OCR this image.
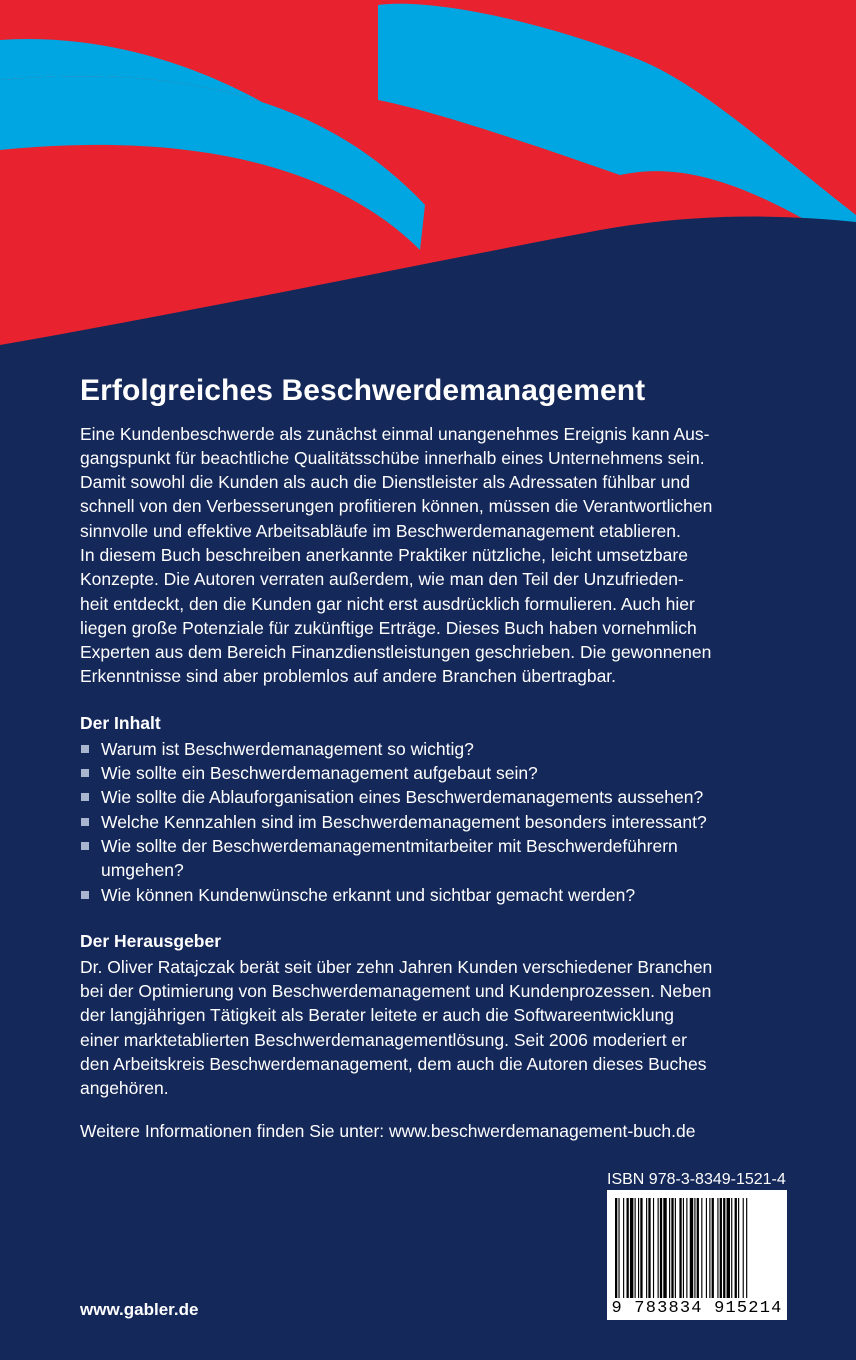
Erfolgreiches Beschwerdemanagement

Eine Kundenbeschwerde als zunächst einmal unangenehmes Ereignis kann Aus-
gangspunkt für beachtliche Qualitätsschübe innerhalb eines Unternehmens sein.
Damit sowohl die Kunden als auch die Dienstleister als Adressaten fühlbar und
schnell von den Verbesserungen profitieren können, müssen die Verantwortlichen
sinnvolle und effektive Arbeitsabläufe im Beschwerdemanagement etablieren.
In diesem Buch beschreiben anerkannte Praktiker nützliche, leicht umsetzbare
Konzepte. Die Autoren verraten außerdem, wie man den Teil der Unzufrieden-
heit entdeckt, den die Kunden gar nicht erst ausdrücklich formulieren. Auch hier
liegen große Potenziale für zukünftige Erträge. Dieses Buch haben vornehmlich
Experten aus dem Bereich Finanzdienstleistungen geschrieben. Die gewonnenen
Erkenntnisse sind aber problemlos auf andere Branchen übertragbar.

Der Inhalt
Warum ist Beschwerdemanagement so wichtig?
Wie sollte ein Beschwerdemanagement aufgebaut sein?
Wie sollte die Ablauforganisation eines Beschwerdemanagements aussehen?
Welche Kennzahlen sind im Beschwerdemanagement besonders interessant?
Wie sollte der Beschwerdemanagementmitarbeiter mit Beschwerdeführern umgehen?
Wie können Kundenwünsche erkannt und sichtbar gemacht werden?
Der Herausgeber

Dr. Oliver Ratajczak berät seit über zehn Jahren Kunden verschiedener Branchen
bei der Optimierung von Beschwerdemanagement und Kundenprozessen. Neben
der langjährigen Tätigkeit als Berater leitete er auch die Softwareentwicklung
einer marktetablierten Beschwerdemanagementlösung. Seit 2006 moderiert er
den Arbeitskreis Beschwerdemanagement, dem auch die Autoren dieses Buches
angehören.

Weitere Informationen finden Sie unter: www.beschwerdemanagement-buch.de

ISBN 978-3-8349-1521-4
9 783834 915214
www.gabler.de
